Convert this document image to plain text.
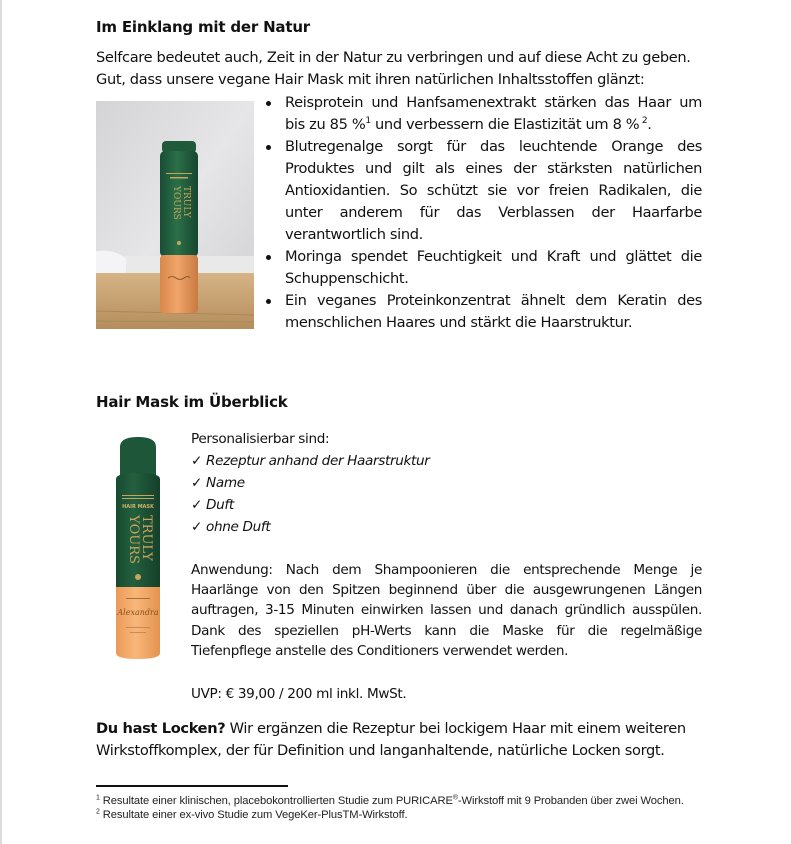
Im Einklang mit der Natur
Selfcare bedeutet auch, Zeit in der Natur zu verbringen und auf diese Acht zu geben.
Gut, dass unsere vegane Hair Mask mit ihren natürlichen Inhaltsstoffen glänzt:
YOURS TRULY
Reisprotein und Hanfsamenextrakt stärken das Haar um bis zu 85 %$^1$ und verbessern die Elastizität um 8 %  $^2$.
Blutregenalge sorgt für das leuchtende Orange des Produktes und gilt als eines der stärksten natürlichen Antioxidantien. So schützt sie vor freien Radikalen, die unter anderem für das Verblassen der Haarfarbe verantwortlich sind.
Moringa spendet Feuchtigkeit und Kraft und glättet die Schuppenschicht.
Ein veganes Proteinkonzentrat ähnelt dem Keratin des menschlichen Haares und stärkt die Haarstruktur.
Hair Mask im Überblick
HAIR MASK
YOURS
TRULY
Alexandra
Personalisierbar sind:
✓ Rezeptur anhand der Haarstruktur
✓ Name
✓ Duft
✓ ohne Duft
Anwendung: Nach dem Shampoonieren die entsprechende Menge je Haarlänge von den Spitzen beginnend über die ausgewrungenen Längen auftragen, 3-15 Minuten einwirken lassen und danach gründlich ausspülen. Dank des speziellen pH-Werts kann die Maske für die regelmäßige Tiefenpflege anstelle des Conditioners verwendet werden.
UVP: € 39,00 / 200 ml inkl. MwSt.
Du hast Locken? Wir ergänzen die Rezeptur bei lockigem Haar mit einem weiteren Wirkstoffkomplex, der für Definition und langanhaltende, natürliche Locken sorgt.
$^1$ Resultate einer klinischen, placebokontrollierten Studie zum PURICARE®-Wirkstoff mit 9 Probanden über zwei Wochen.
$^2$ Resultate einer ex-vivo Studie zum VegeKer-PlusTM-Wirkstoff.
